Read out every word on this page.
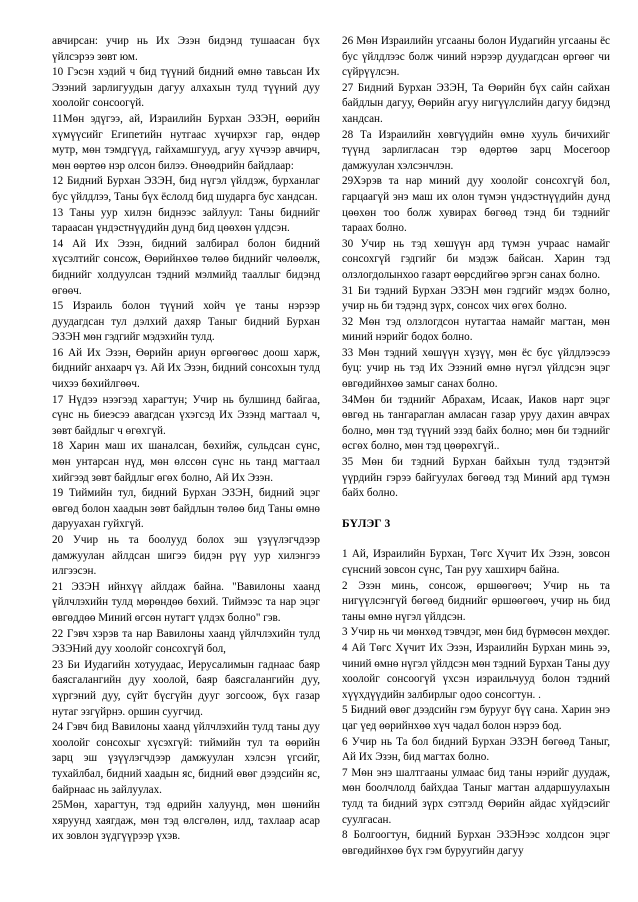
авчирсан: учир нь Их Эзэн бидэнд тушаасан бүх үйлсэрээ зөвт юм.

10 Гэсэн хэдий ч бид түүний бидний өмнө тавьсан Их Эзэний зарлигуудын дагуу алхахын тулд түүний дуу хоолойг сонсоогүй.

11Мөн эдүгээ, ай, Израилийн Бурхан ЭЗЭН, өөрийн хүмүүсийг Египетийн нутгаас хүчирхэг гар, өндөр мутр, мөн тэмдгүүд, гайхамшгууд, агуу хүчээр авчирч, мөн өөртөө нэр олсон билээ. Өнөөдрийн байдлаар:

12 Бидний Бурхан ЭЗЭН, бид нүгэл үйлдэж, бурханлаг бус үйлдлээ, Таны бүх ёслолд бид шударга бус хандсан.

13 Таны уур хилэн биднээс зайлуул: Таны биднийг тараасан үндэстнүүдийн дунд бид цөөхөн үлдсэн.

14 Ай Их Эзэн, бидний залбирал болон бидний хүсэлтийг сонсож, Өөрийнхөө төлөө биднийг чөлөөлж, биднийг холдуулсан тэдний мэлмийд тааллыг бидэнд өгөөч.

15 Израиль болон түүний хойч үе таны нэрээр дуудагдсан тул дэлхий дахяр Таныг бидний Бурхан ЭЗЭН мөн гэдгийг мэдэхийн тулд.

16 Ай Их Эзэн, Өөрийн ариун өргөөгөөс доош харж, биднийг анхаарч үз. Ай Их Эзэн, бидний сонсохын тулд чихээ бөхийлгөөч.

17 Нүдээ нээгээд харагтун; Учир нь булшинд байгаа, сүнс нь биеэсээ авагдсан үхэгсэд Их Эзэнд магтаал ч, зөвт байдлыг ч өгөхгүй.

18 Харин маш их шаналсан, бөхийж, сульдсан сүнс, мөн унтарсан нүд, мөн өлссөн сүнс нь танд магтаал хийгээд зөвт байдлыг өгөх болно, Ай Их Эзэн.

19 Тиймийн тул, бидний Бурхан ЭЗЭН, бидний эцэг өвгөд болон хаадын зөвт байдлын төлөө бид Таны өмнө дарууахан гуйхгүй.

20 Учир нь та боолууд болох эш үзүүлэгчдээр дамжуулан айлдсан шигээ бидэн рүү уур хилэнгээ илгээсэн.

21 ЭЗЭН ийнхүү айлдаж байна. "Вавилоны хаанд үйлчлэхийн тулд мөрөндөө бөхий. Тиймээс та нар эцэг өвгөддөө Миний өгсөн нутагт үлдэх болно" гэв.

22 Гэвч хэрэв та нар Вавилоны хаанд үйлчлэхийн тулд ЭЗЭНий дуу хоолойг сонсохгүй бол,

23 Би Иудагийн хотуудаас, Иерусалимын гаднаас баяр баясгалангийн дуу хоолой, баяр баясгалангийн дуу, хүргэний дуу, сүйт бүсгүйн дууг зогсоож, бүх газар нутаг эзгүйрнэ. оршин суугчид.

24 Гэвч бид Вавилоны хаанд үйлчлэхийн тулд таны дуу хоолойг сонсохыг хүсэхгүй: тиймийн тул та өөрийн зарц эш үзүүлэгчдээр дамжуулан хэлсэн үгсийг, тухайлбал, бидний хаадын яс, бидний өвөг дээдсийн яс, байрнаас нь зайлуулах.

25Мөн, харагтун, тэд өдрийн халуунд, мөн шөнийн хяруунд хаягдаж, мөн тэд өлсгөлөн, илд, тахлаар асар их зовлон зүдгүүрээр үхэв.

26 Мөн Израилийн угсааны болон Иудагийн угсааны ёс бус үйлдлээс болж чиний нэрээр дуудагдсан өргөөг чи сүйрүүлсэн.

27 Бидний Бурхан ЭЗЭН, Та Өөрийн бүх сайн сайхан байдлын дагуу, Өөрийн агуу нигүүлслийн дагуу бидэнд хандсан.

28 Та Израилийн хөвгүүдийн өмнө хууль бичихийг түүнд зарлигласан тэр өдөртөө зарц Мосегоор дамжуулан хэлсэнчлэн.

29Хэрэв та нар миний дуу хоолойг сонсохгүй бол, гарцаагүй энэ маш их олон түмэн үндэстнүүдийн дунд цөөхөн тоо болж хувирах бөгөөд тэнд би тэднийг тараах болно.

30 Учир нь тэд хөшүүн ард түмэн учраас намайг сонсохгүй гэдгийг би мэдэж байсан. Харин тэд олзлогдолынхоо газарт өөрсдийгөө эргэн санах болно.

31 Би тэдний Бурхан ЭЗЭН мөн гэдгийг мэдэх болно, учир нь би тэдэнд зүрх, сонсох чих өгөх болно.

32 Мөн тэд олзлогдсон нутагтаа намайг магтан, мөн миний нэрийг бодох болно.

33 Мөн тэдний хөшүүн хүзүү, мөн ёс бус үйлдлээсээ буц: учир нь тэд Их Эзэний өмнө нүгэл үйлдсэн эцэг өвгөдийнхөө замыг санах болно.

34Мөн би тэднийг Абрахам, Исаак, Иаков нарт эцэг өвгөд нь тангараглан амласан газар уруу дахин авчрах болно, мөн тэд түүний эзэд байх болно; мөн би тэднийг өсгөх болно, мөн тэд цөөрөхгүй..

35 Мөн би тэдний Бурхан байхын тулд тэдэнтэй үүрдийн гэрээ байгуулах бөгөөд тэд Миний ард түмэн байх болно.

БҮЛЭГ 3

1 Ай, Израилийн Бурхан, Төгс Хүчит Их Эзэн, зовсон сүнсний зовсон сүнс, Тан руу хашхирч байна.

2 Эзэн минь, сонсож, өршөөгөөч; Учир нь та нигүүлсэнгүй бөгөөд биднийг өршөөгөөч, учир нь бид таны өмнө нүгэл үйлдсэн.

3 Учир нь чи мөнхөд тэвчдэг, мөн бид бүрмөсөн мөхдөг.

4 Ай Төгс Хүчит Их Эзэн, Израилийн Бурхан минь ээ, чиний өмнө нүгэл үйлдсэн мөн тэдний Бурхан Таны дуу хоолойг сонсоогүй үхсэн израильчууд болон тэдний хүүхдүүдийн залбирлыг одоо сонсогтун. .

5 Бидний өвөг дээдсийн гэм бурууг бүү сана. Харин энэ цаг үед өөрийнхөө хүч чадал болон нэрээ бод.

6 Учир нь Та бол бидний Бурхан ЭЗЭН бөгөөд Таныг, Ай Их Эзэн, бид магтах болно.

7 Мөн энэ шалтгааны улмаас бид таны нэрийг дуудаж, мөн боолчлолд байхдаа Таныг магтан алдаршуулахын тулд та бидний зүрх сэтгэлд Өөрийн айдас хүйдэсийг суулгасан.

8 Болгоогтун, бидний Бурхан ЭЗЭНээс холдсон эцэг өвгөдийнхөө бүх гэм буруугийн дагуу
